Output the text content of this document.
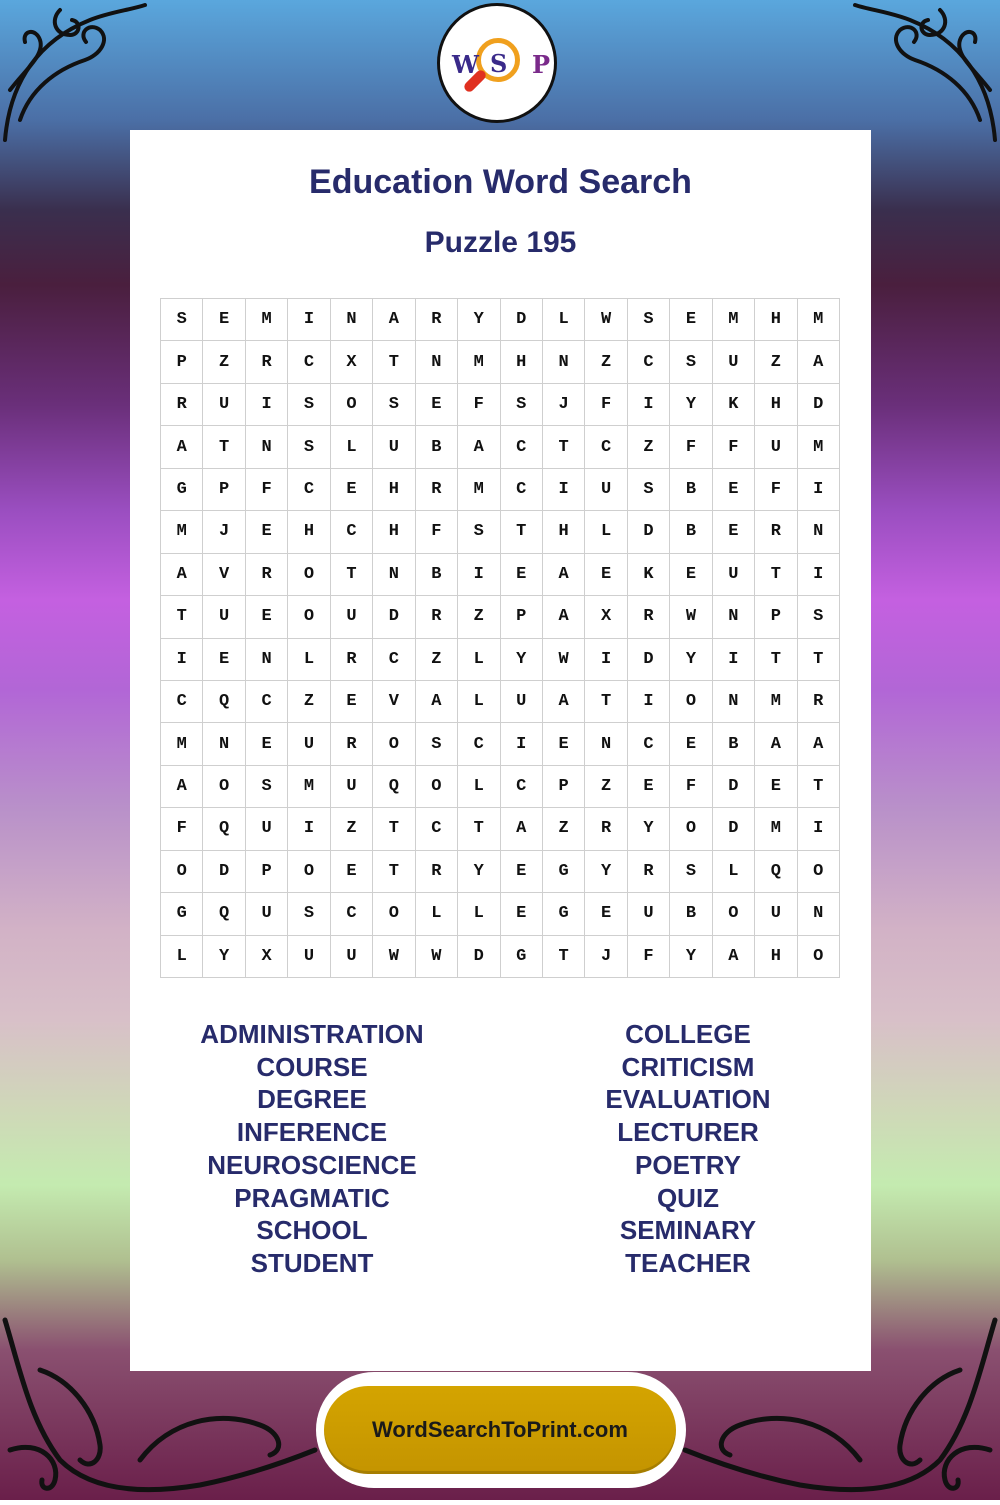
Education Word Search
Puzzle 195
S	E	M	I	N	A	R	Y	D	L	W	S	E	M	H	M
P	Z	R	C	X	T	N	M	H	N	Z	C	S	U	Z	A
R	U	I	S	O	S	E	F	S	J	F	I	Y	K	H	D
A	T	N	S	L	U	B	A	C	T	C	Z	F	F	U	M
G	P	F	C	E	H	R	M	C	I	U	S	B	E	F	I
M	J	E	H	C	H	F	S	T	H	L	D	B	E	R	N
A	V	R	O	T	N	B	I	E	A	E	K	E	U	T	I
T	U	E	O	U	D	R	Z	P	A	X	R	W	N	P	S
I	E	N	L	R	C	Z	L	Y	W	I	D	Y	I	T	T
C	Q	C	Z	E	V	A	L	U	A	T	I	O	N	M	R
M	N	E	U	R	O	S	C	I	E	N	C	E	B	A	A
A	O	S	M	U	Q	O	L	C	P	Z	E	F	D	E	T
F	Q	U	I	Z	T	C	T	A	Z	R	Y	O	D	M	I
O	D	P	O	E	T	R	Y	E	G	Y	R	S	L	Q	O
G	Q	U	S	C	O	L	L	E	G	E	U	B	O	U	N
L	Y	X	U	U	W	W	D	G	T	J	F	Y	A	H	O
ADMINISTRATION
COURSE
DEGREE
INFERENCE
NEUROSCIENCE
PRAGMATIC
SCHOOL
STUDENT
COLLEGE
CRITICISM
EVALUATION
LECTURER
POETRY
QUIZ
SEMINARY
TEACHER
W S P
WordSearchToPrint.com
